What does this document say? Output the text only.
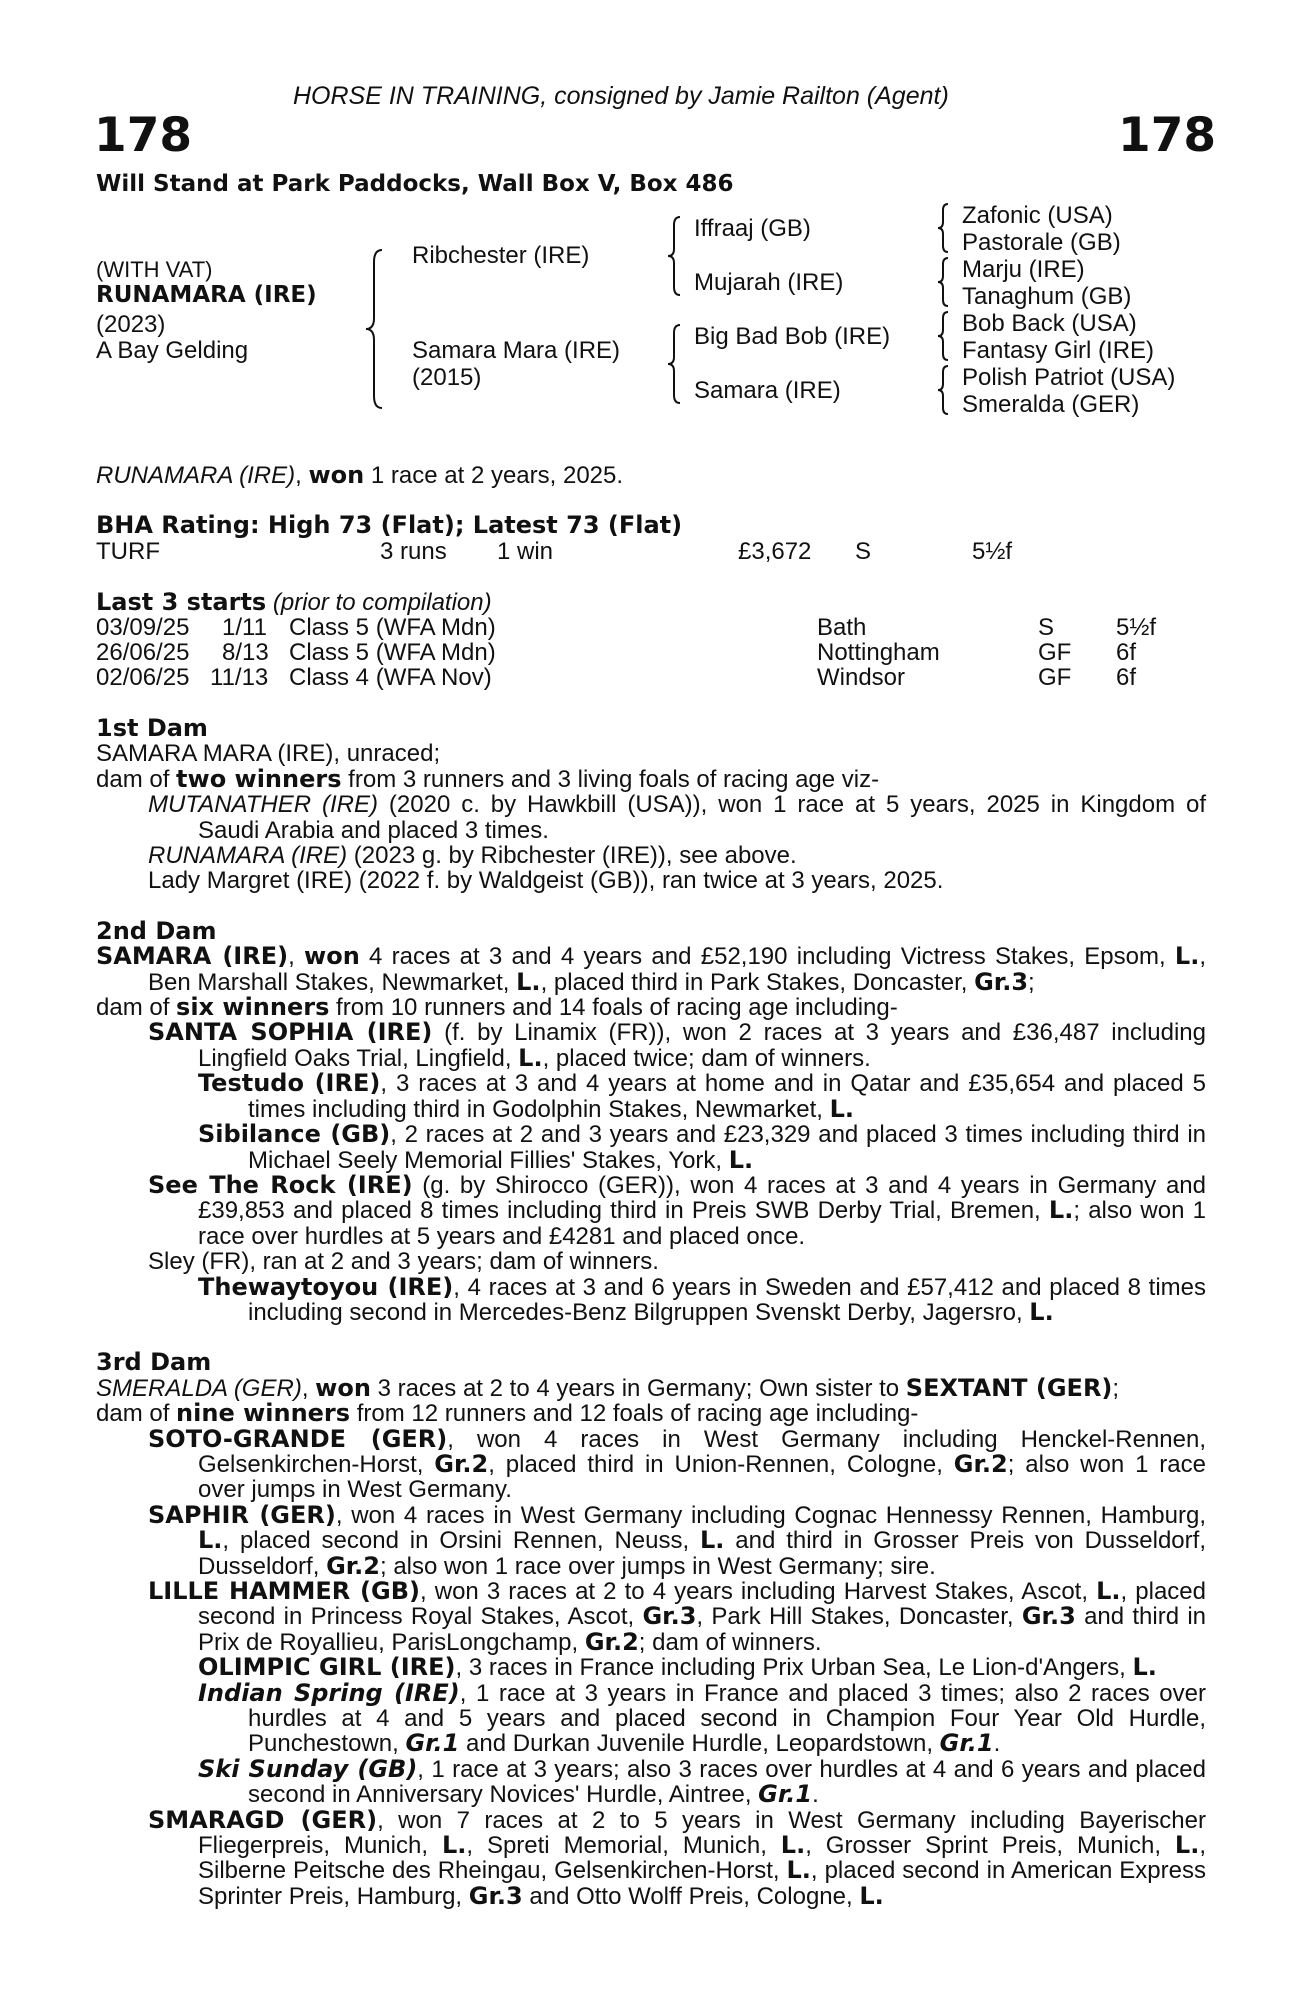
HORSE IN TRAINING, consigned by Jamie Railton (Agent)
178	178
Will Stand at Park Paddocks, Wall Box V, Box 486
(WITH VAT)
RUNAMARA (IRE)
(2023)
A Bay Gelding
Ribchester (IRE)
Samara Mara (IRE)
(2015)
Iffraaj (GB)
Mujarah (IRE)
Big Bad Bob (IRE)
Samara (IRE)
Zafonic (USA)
Pastorale (GB)
Marju (IRE)
Tanaghum (GB)
Bob Back (USA)
Fantasy Girl (IRE)
Polish Patriot (USA)
Smeralda (GER)
RUNAMARA (IRE), won 1 race at 2 years, 2025.
BHA Rating: High 73 (Flat); Latest 73 (Flat)
TURF	3 runs 1 win	£3,672 S	5½f
Last 3 starts (prior to compilation)
03/09/25 1/11 Class 5 (WFA Mdn)	Bath	S	5½f
26/06/25 8/13 Class 5 (WFA Mdn)	Nottingham	GF 6f
02/06/25 11/13 Class 4 (WFA Nov)	Windsor	GF 6f
1st Dam
SAMARA MARA (IRE), unraced;
dam of two winners from 3 runners and 3 living foals of racing age viz-
MUTANATHER (IRE) (2020 c. by Hawkbill (USA)), won 1 race at 5 years, 2025 in Kingdom of Saudi Arabia and placed 3 times.
RUNAMARA (IRE) (2023 g. by Ribchester (IRE)), see above.
Lady Margret (IRE) (2022 f. by Waldgeist (GB)), ran twice at 3 years, 2025.
2nd Dam
SAMARA (IRE), won 4 races at 3 and 4 years and £52,190 including Victress Stakes, Epsom, L., Ben Marshall Stakes, Newmarket, L., placed third in Park Stakes, Doncaster, Gr.3;
dam of six winners from 10 runners and 14 foals of racing age including-
SANTA SOPHIA (IRE) (f. by Linamix (FR)), won 2 races at 3 years and £36,487 including Lingfield Oaks Trial, Lingfield, L., placed twice; dam of winners.
Testudo (IRE), 3 races at 3 and 4 years at home and in Qatar and £35,654 and placed 5 times including third in Godolphin Stakes, Newmarket, L.
Sibilance (GB), 2 races at 2 and 3 years and £23,329 and placed 3 times including third in Michael Seely Memorial Fillies' Stakes, York, L.
See The Rock (IRE) (g. by Shirocco (GER)), won 4 races at 3 and 4 years in Germany and £39,853 and placed 8 times including third in Preis SWB Derby Trial, Bremen, L.; also won 1 race over hurdles at 5 years and £4281 and placed once.
Sley (FR), ran at 2 and 3 years; dam of winners.
Thewaytoyou (IRE), 4 races at 3 and 6 years in Sweden and £57,412 and placed 8 times including second in Mercedes-Benz Bilgruppen Svenskt Derby, Jagersro, L.
3rd Dam
SMERALDA (GER), won 3 races at 2 to 4 years in Germany; Own sister to SEXTANT (GER);
dam of nine winners from 12 runners and 12 foals of racing age including-
SOTO-GRANDE (GER), won 4 races in West Germany including Henckel-Rennen, Gelsenkirchen-Horst, Gr.2, placed third in Union-Rennen, Cologne, Gr.2; also won 1 race over jumps in West Germany.
SAPHIR (GER), won 4 races in West Germany including Cognac Hennessy Rennen, Hamburg, L., placed second in Orsini Rennen, Neuss, L. and third in Grosser Preis von Dusseldorf, Dusseldorf, Gr.2; also won 1 race over jumps in West Germany; sire.
LILLE HAMMER (GB), won 3 races at 2 to 4 years including Harvest Stakes, Ascot, L., placed second in Princess Royal Stakes, Ascot, Gr.3, Park Hill Stakes, Doncaster, Gr.3 and third in Prix de Royallieu, ParisLongchamp, Gr.2; dam of winners.
OLIMPIC GIRL (IRE), 3 races in France including Prix Urban Sea, Le Lion-d'Angers, L.
Indian Spring (IRE), 1 race at 3 years in France and placed 3 times; also 2 races over hurdles at 4 and 5 years and placed second in Champion Four Year Old Hurdle, Punchestown, Gr.1 and Durkan Juvenile Hurdle, Leopardstown, Gr.1.
Ski Sunday (GB), 1 race at 3 years; also 3 races over hurdles at 4 and 6 years and placed second in Anniversary Novices' Hurdle, Aintree, Gr.1.
SMARAGD (GER), won 7 races at 2 to 5 years in West Germany including Bayerischer Fliegerpreis, Munich, L., Spreti Memorial, Munich, L., Grosser Sprint Preis, Munich, L., Silberne Peitsche des Rheingau, Gelsenkirchen-Horst, L., placed second in American Express Sprinter Preis, Hamburg, Gr.3 and Otto Wolff Preis, Cologne, L.
